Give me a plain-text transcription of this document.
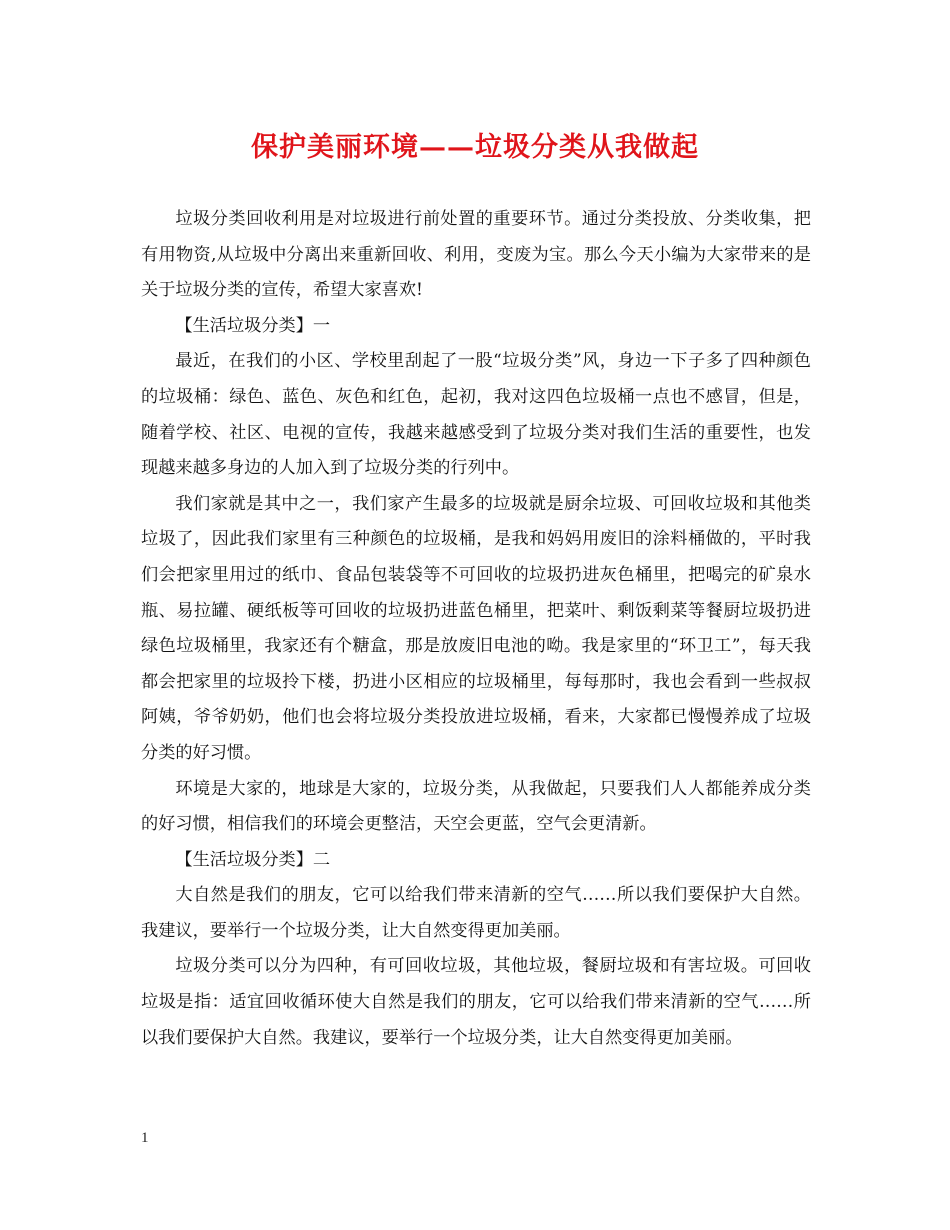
保护美丽环境——垃圾分类从我做起

垃圾分类回收利用是对垃圾进行前处置的重要环节。通过分类投放、分类收集，把有用物资,从垃圾中分离出来重新回收、利用，变废为宝。那么今天小编为大家带来的是关于垃圾分类的宣传，希望大家喜欢!

【生活垃圾分类】一

最近，在我们的小区、学校里刮起了一股“垃圾分类”风，身边一下子多了四种颜色的垃圾桶：绿色、蓝色、灰色和红色，起初，我对这四色垃圾桶一点也不感冒，但是，随着学校、社区、电视的宣传，我越来越感受到了垃圾分类对我们生活的重要性，也发现越来越多身边的人加入到了垃圾分类的行列中。

我们家就是其中之一，我们家产生最多的垃圾就是厨余垃圾、可回收垃圾和其他类垃圾了，因此我们家里有三种颜色的垃圾桶，是我和妈妈用废旧的涂料桶做的，平时我们会把家里用过的纸巾、食品包装袋等不可回收的垃圾扔进灰色桶里，把喝完的矿泉水瓶、易拉罐、硬纸板等可回收的垃圾扔进蓝色桶里，把菜叶、剩饭剩菜等餐厨垃圾扔进绿色垃圾桶里，我家还有个糖盒，那是放废旧电池的呦。我是家里的“环卫工”，每天我都会把家里的垃圾拎下楼，扔进小区相应的垃圾桶里，每每那时，我也会看到一些叔叔阿姨，爷爷奶奶，他们也会将垃圾分类投放进垃圾桶，看来，大家都已慢慢养成了垃圾分类的好习惯。

环境是大家的，地球是大家的，垃圾分类，从我做起，只要我们人人都能养成分类的好习惯，相信我们的环境会更整洁，天空会更蓝，空气会更清新。

【生活垃圾分类】二

大自然是我们的朋友，它可以给我们带来清新的空气……所以我们要保护大自然。我建议，要举行一个垃圾分类，让大自然变得更加美丽。

垃圾分类可以分为四种，有可回收垃圾，其他垃圾，餐厨垃圾和有害垃圾。可回收垃圾是指：适宜回收循环使大自然是我们的朋友，它可以给我们带来清新的空气……所以我们要保护大自然。我建议，要举行一个垃圾分类，让大自然变得更加美丽。

1
